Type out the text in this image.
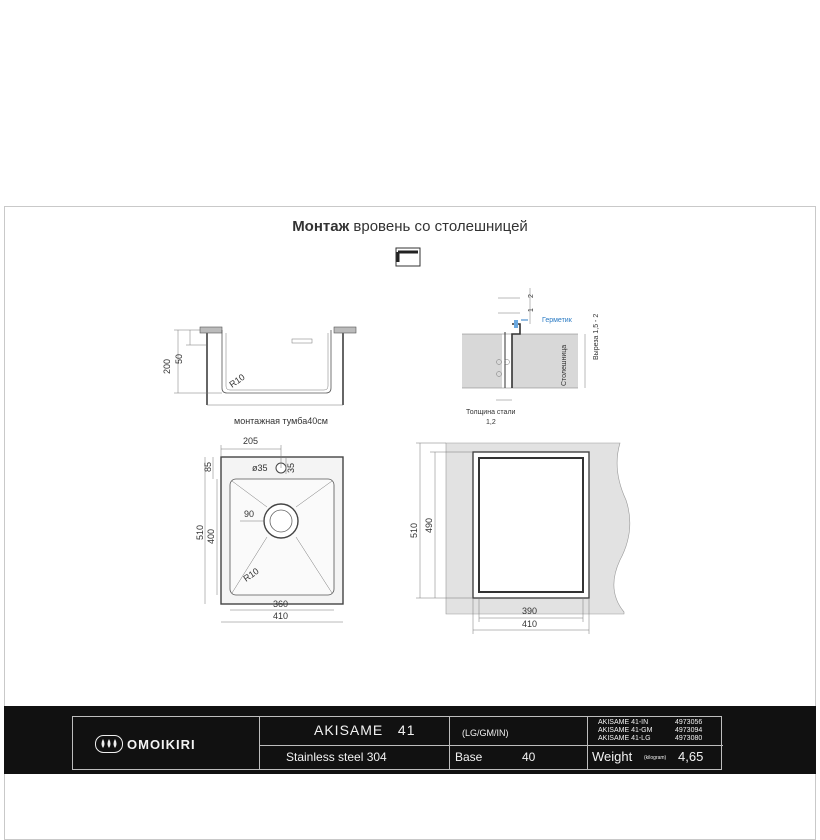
Монтаж вровень со столешницей
200 50
R10
монтажная тумба40см
2
1
Герметик
Столешница
Выреза 1,5 - 2
Толщина стали
1,2
205
85	ø35 35
90
510 400
R10
360
410
510 490
390
410
OMOIKIRI
AKISAME   41	(LG/GM/IN)
Stainless steel 304	Base	40
AKISAME 41-IN	4973056
AKISAME 41-GM	4973094
AKISAME 41-LG	4973080
Weight (kilogram) 4,65
